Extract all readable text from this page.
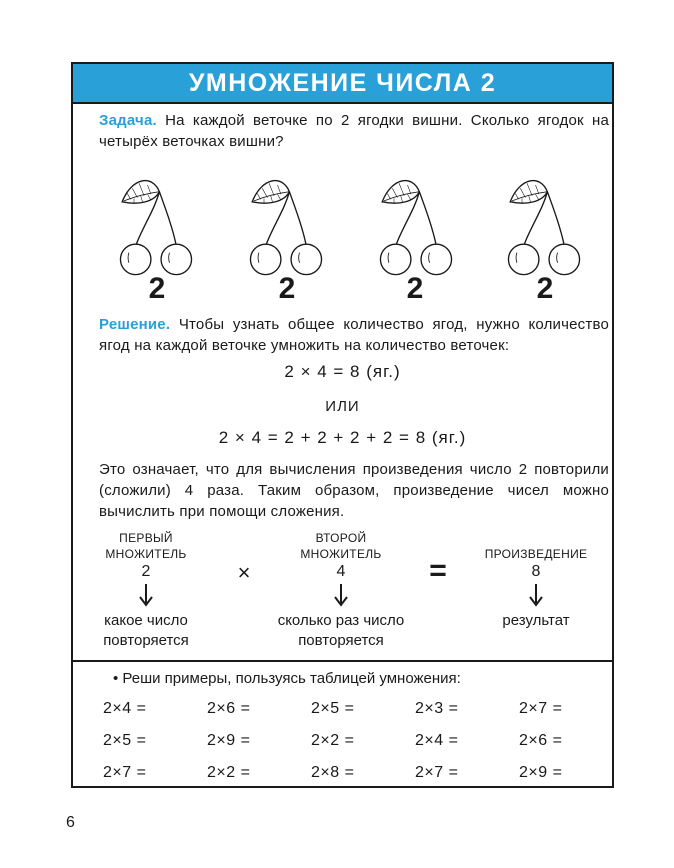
УМНОЖЕНИЕ ЧИСЛА 2
Задача. На каждой веточке по 2 ягодки вишни. Сколько ягодок на четырёх веточках вишни?
2	2	2	2
Решение. Чтобы узнать общее количество ягод, нужно количество ягод на каждой веточке умножить на количество веточек:
2 × 4 = 8 (яг.)
ИЛИ
2 × 4 = 2 + 2 + 2 + 2 = 8 (яг.)
Это означает, что для вычисления произведения число 2 повторили (сложили) 4 раза. Таким образом, произведение чисел можно вычислить при помощи сложения.
ПЕРВЫЙ
МНОЖИТЕЛЬ
2
какое число
повторяется
×
ВТОРОЙ
МНОЖИТЕЛЬ
4
сколько раз число
повторяется
=	ПРОИЗВЕДЕНИЕ
8
результат
• Реши примеры, пользуясь таблицей умножения:
2×4 =	2×6 =	2×5 =	2×3 =	2×7 =
2×5 =	2×9 =	2×2 =	2×4 =	2×6 =
2×7 =	2×2 =	2×8 =	2×7 =	2×9 =
6
